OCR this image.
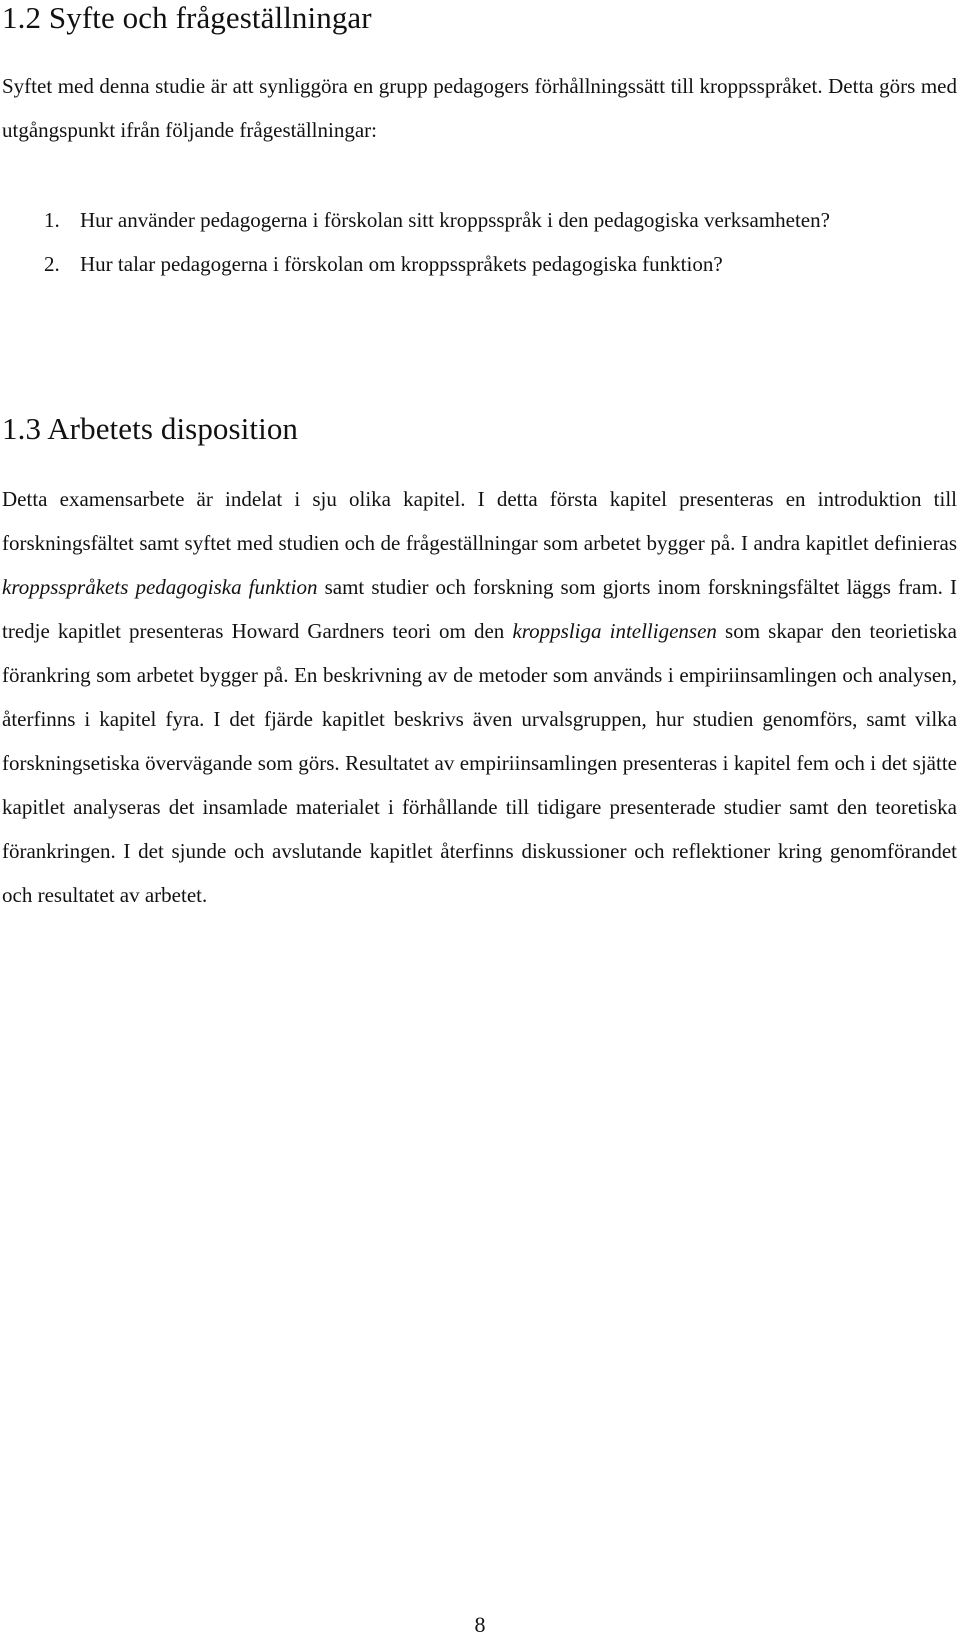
1.2 Syfte och frågeställningar

Syftet med denna studie är att synliggöra en grupp pedagogers förhållningssätt till kroppsspråket. Detta görs med utgångspunkt ifrån följande frågeställningar:

1. Hur använder pedagogerna i förskolan sitt kroppsspråk i den pedagogiska verksamheten?
2. Hur talar pedagogerna i förskolan om kroppsspråkets pedagogiska funktion?
1.3 Arbetets disposition

Detta examensarbete är indelat i sju olika kapitel. I detta första kapitel presenteras en introduktion till forskningsfältet samt syftet med studien och de frågeställningar som arbetet bygger på. I andra kapitlet definieras kroppsspråkets pedagogiska funktion samt studier och forskning som gjorts inom forskningsfältet läggs fram. I tredje kapitlet presenteras Howard Gardners teori om den kroppsliga intelligensen som skapar den teorietiska förankring som arbetet bygger på. En beskrivning av de metoder som används i empiriinsamlingen och analysen, återfinns i kapitel fyra. I det fjärde kapitlet beskrivs även urvalsgruppen, hur studien genomförs, samt vilka forskningsetiska övervägande som görs. Resultatet av empiriinsamlingen presenteras i kapitel fem och i det sjätte kapitlet analyseras det insamlade materialet i förhållande till tidigare presenterade studier samt den teoretiska förankringen. I det sjunde och avslutande kapitlet återfinns diskussioner och reflektioner kring genomförandet och resultatet av arbetet.

8
